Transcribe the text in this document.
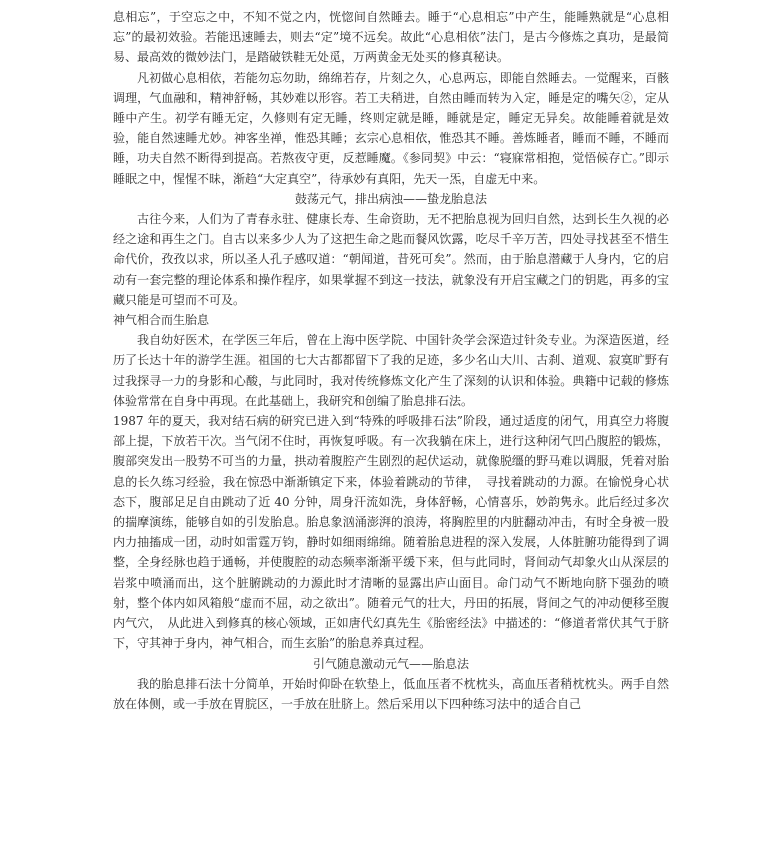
息相忘”，于空忘之中，不知不觉之内，恍惚间自然睡去。睡于“心息相忘”中产生，能睡熟就是“心息相忘”的最初效验。若能迅速睡去，则去“定”境不远矣。故此“心息相依”法门，是古今修炼之真功，是最简易、最高效的微妙法门，是踏破铁鞋无处觅，万两黄金无处买的修真秘诀。

凡初做心息相依，若能勿忘勿助，绵绵若存，片刻之久，心息两忘，即能自然睡去。一觉醒来，百骸调理，气血融和，精神舒畅，其妙难以形容。若工夫稍进，自然由睡而转为入定，睡是定的嘴矢②，定从睡中产生。初学有睡无定，久修则有定无睡，终则定就是睡，睡就是定，睡定无异矣。故能睡着就是效验，能自然速睡尤妙。神客坐禅，惟恐其睡；玄宗心息相依，惟恐其不睡。善炼睡者，睡而不睡，不睡而睡，功夫自然不断得到提高。若熬夜守更，反惹睡魔。《参同契》中云：“寝寐常相抱，觉悟候存亡。”即示睡眠之中，惺惺不昧，渐趋“大定真空”，待承妙有真阳，先天一炁，自虚无中来。

鼓荡元气，排出病浊——蛰龙胎息法

古往今来，人们为了青春永驻、健康长寿、生命资助，无不把胎息视为回归自然，达到长生久视的必经之途和再生之门。自古以来多少人为了这把生命之匙而餐风饮露，吃尽千辛万苦，四处寻找甚至不惜生命代价，孜孜以求，所以圣人孔子感叹道：“朝闻道，昔死可矣”。然而，由于胎息潜藏于人身内，它的启动有一套完整的理论体系和操作程序，如果掌握不到这一技法，就象没有开启宝藏之门的钥匙，再多的宝藏只能是可望而不可及。

神气相合而生胎息

我自幼好医术，在学医三年后，曾在上海中医学院、中国针灸学会深造过针灸专业。为深造医道，经历了长达十年的游学生涯。祖国的七大古都都留下了我的足迹，多少名山大川、古刹、道观、寂寞旷野有过我探寻一力的身影和心酸，与此同时，我对传统修炼文化产生了深刻的认识和体验。典籍中记载的修炼体验常常在自身中再现。在此基础上，我研究和创编了胎息排石法。

1987 年的夏天，我对结石病的研究已进入到“特殊的呼吸排石法”阶段，通过适度的闭气，用真空力将腹部上提，下放若干次。当气闭不住时，再恢复呼吸。有一次我躺在床上，进行这种闭气凹凸腹腔的锻炼，腹部突发出一股势不可当的力量，拱动着腹腔产生剧烈的起伏运动，就像脱缰的野马难以调服，凭着对胎息的长久练习经验，我在惊恐中渐渐镇定下来，体验着跳动的节律，　寻找着跳动的力源。在愉悦身心状态下，腹部足足自由跳动了近 40 分钟，周身汗流如洗，身体舒畅，心情喜乐，妙韵隽永。此后经过多次的揣摩演练，能够自如的引发胎息。胎息象汹涌澎湃的浪涛，将胸腔里的内脏翻动冲击，有时全身被一股内力抽搐成一团，动时如雷霆万钧，静时如细雨绵绵。随着胎息进程的深入发展，人体脏腑功能得到了调整，全身经脉也趋于通畅，并使腹腔的动态频率渐渐平缓下来，但与此同时，肾间动气却象火山从深层的岩浆中喷涌而出，这个脏腑跳动的力源此时才清晰的显露出庐山面目。命门动气不断地向脐下强劲的喷射，整个体内如风箱般“虚而不屈，动之欲出”。随着元气的壮大，丹田的拓展，肾间之气的冲动便移至腹内气穴，　从此进入到修真的核心领域，正如唐代幻真先生《胎密经法》中描述的：“修道者常伏其气于脐下，守其神于身内，神气相合，而生玄胎”的胎息养真过程。

引气随息激动元气——胎息法

我的胎息排石法十分简单，开始时仰卧在软垫上，低血压者不枕枕头，高血压者稍枕枕头。两手自然放在体侧，或一手放在胃脘区，一手放在肚脐上。然后采用以下四种练习法中的适合自己
